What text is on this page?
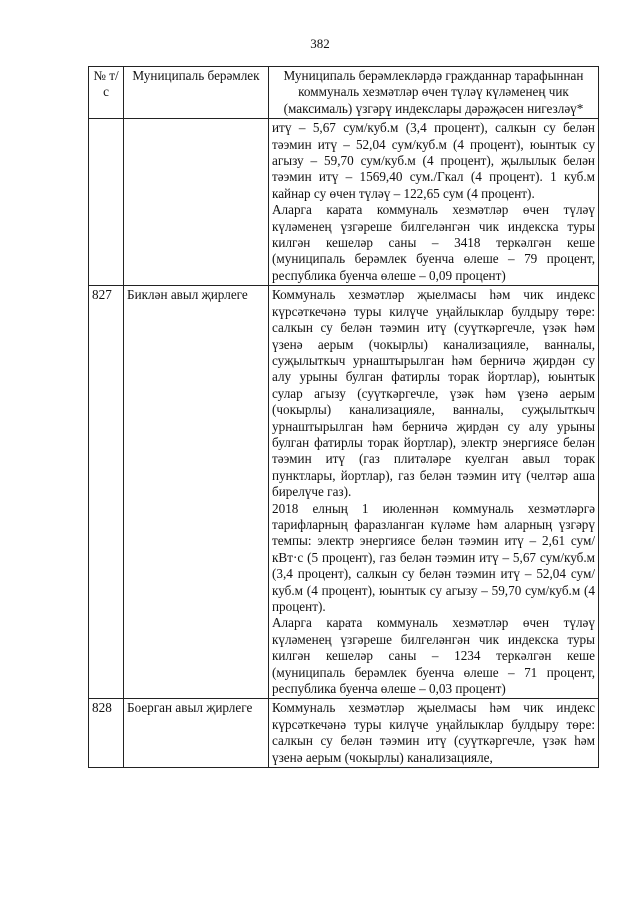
382
№ т/с	Муниципаль берәмлек	Муниципаль берәмлекләрдә гражданнар тарафыннан коммуналь хезмәтләр өчен түләү күләменең чик (максималь) үзгәрү индекслары дәрәҗәсен нигезләү*

		итү – 5,67 сум/куб.м (3,4 процент), салкын су белән тәэмин итү – 52,04 сум/куб.м (4 процент), юынтык су агызу – 59,70 сум/куб.м (4 процент), җылылык белән тәэмин итү – 1569,40 сум./Гкал (4 процент). 1 куб.м кайнар су өчен түләү – 122,65 сум (4 процент).
Аларга карата коммуналь хезмәтләр өчен түләү күләменең үзгәреше билгеләнгән чик индекска туры килгән кешеләр саны – 3418 теркәлгән кеше (муниципаль берәмлек буенча өлеше – 79 процент, республика буенча өлеше – 0,09 процент)

827	Биклән авыл җирлеге	Коммуналь хезмәтләр җыелмасы һәм чик индекс күрсәткечәнә туры килүче уңайлыклар булдыру төре: салкын су белән тәэмин итү (суүткәргечле, үзәк һәм үзенә аерым (чокырлы) канализацияле, ванналы, суҗылыткыч урнаштырылган һәм берничә җирдән су алу урыны булган фатирлы торак йортлар), юынтык сулар агызу (суүткәргечле, үзәк һәм үзенә аерым (чокырлы) канализацияле, ванналы, суҗылыткыч урнаштырылган һәм берничә җирдән су алу урыны булган фатирлы торак йортлар), электр энергиясе белән тәэмин итү (газ плитәләре куелган авыл торак пунктлары, йортлар), газ белән тәэмин итү (челтәр аша бирелүче газ).
2018 елның 1 июленнән коммуналь хезмәтләргә тарифларның фаразланган күләме һәм аларның үзгәрү темпы: электр энергиясе белән тәэмин итү – 2,61 сум/кВт·с (5 процент), газ белән тәэмин итү – 5,67 сум/куб.м (3,4 процент), салкын су белән тәэмин итү – 52,04 сум/куб.м (4 процент), юынтык су агызу – 59,70 сум/куб.м (4 процент).
Аларга карата коммуналь хезмәтләр өчен түләү күләменең үзгәреше билгеләнгән чик индекска туры килгән кешеләр саны – 1234 теркәлгән кеше (муниципаль берәмлек буенча өлеше – 71 процент, республика буенча өлеше – 0,03 процент)

828	Боерган авыл җирлеге	Коммуналь хезмәтләр җыелмасы һәм чик индекс күрсәткечәнә туры килүче уңайлыклар булдыру төре: салкын су белән тәэмин итү (суүткәргечле, үзәк һәм үзенә аерым (чокырлы) канализацияле,
